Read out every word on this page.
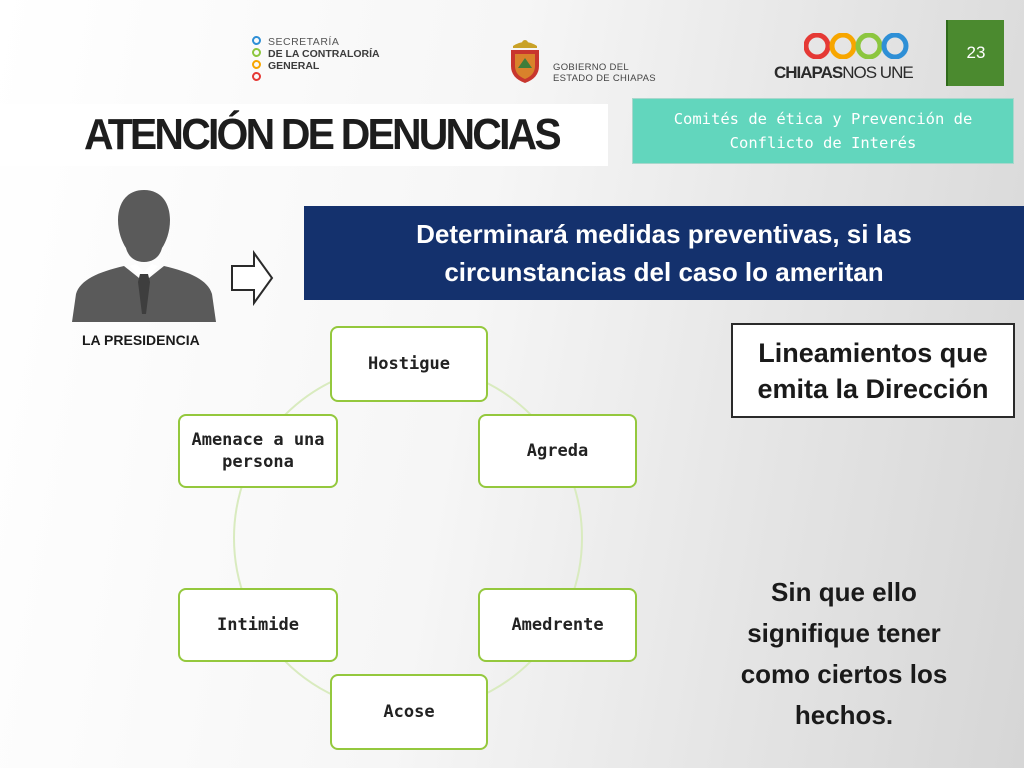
SECRETARÍA
DE LA CONTRALORÍA
GENERAL	GOBIERNO DEL
ESTADO DE CHIAPAS	CHIAPASNOS UNE
23
ATENCIÓN DE DENUNCIAS	Comités de ética y Prevención de Conflicto de Interés
LA PRESIDENCIA
Determinará medidas preventivas, si las circunstancias del caso lo ameritan
Lineamientos que emita la Dirección
Hostigue
Agreda
Amedrente
Acose
Intimide
Amenace a una persona
Sin que ello signifique tener como ciertos los hechos.
